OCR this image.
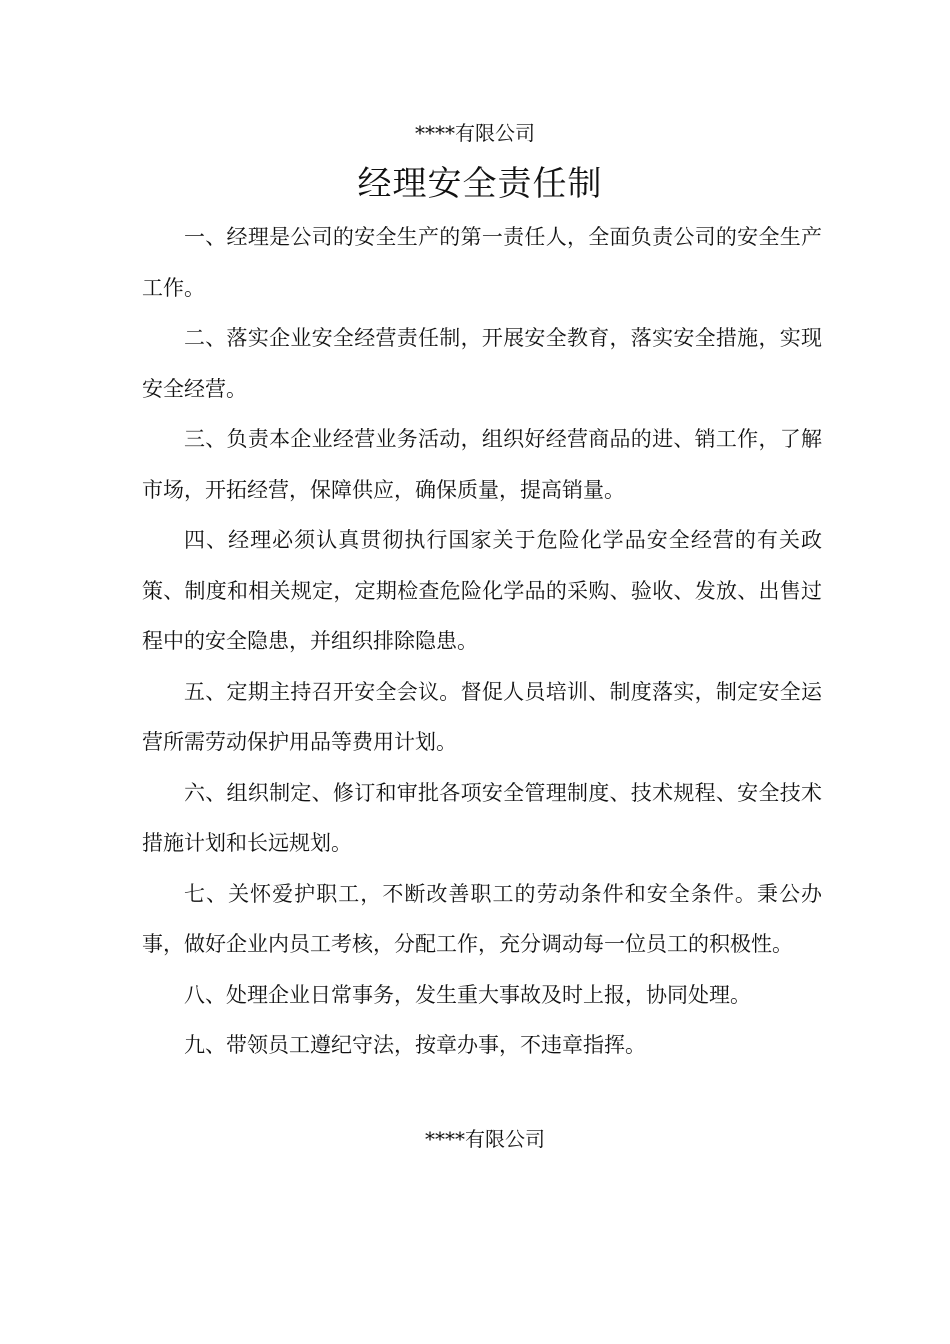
****有限公司
经理安全责任制

一、经理是公司的安全生产的第一责任人，全面负责公司的安全生产工作。

二、落实企业安全经营责任制，开展安全教育，落实安全措施，实现安全经营。

三、负责本企业经营业务活动，组织好经营商品的进、销工作，了解市场，开拓经营，保障供应，确保质量，提高销量。

四、经理必须认真贯彻执行国家关于危险化学品安全经营的有关政策、制度和相关规定，定期检查危险化学品的采购、验收、发放、出售过程中的安全隐患，并组织排除隐患。

五、定期主持召开安全会议。督促人员培训、制度落实，制定安全运营所需劳动保护用品等费用计划。

六、组织制定、修订和审批各项安全管理制度、技术规程、安全技术措施计划和长远规划。

七、关怀爱护职工，不断改善职工的劳动条件和安全条件。秉公办事，做好企业内员工考核，分配工作，充分调动每一位员工的积极性。

八、处理企业日常事务，发生重大事故及时上报，协同处理。

九、带领员工遵纪守法，按章办事，不违章指挥。

****有限公司
